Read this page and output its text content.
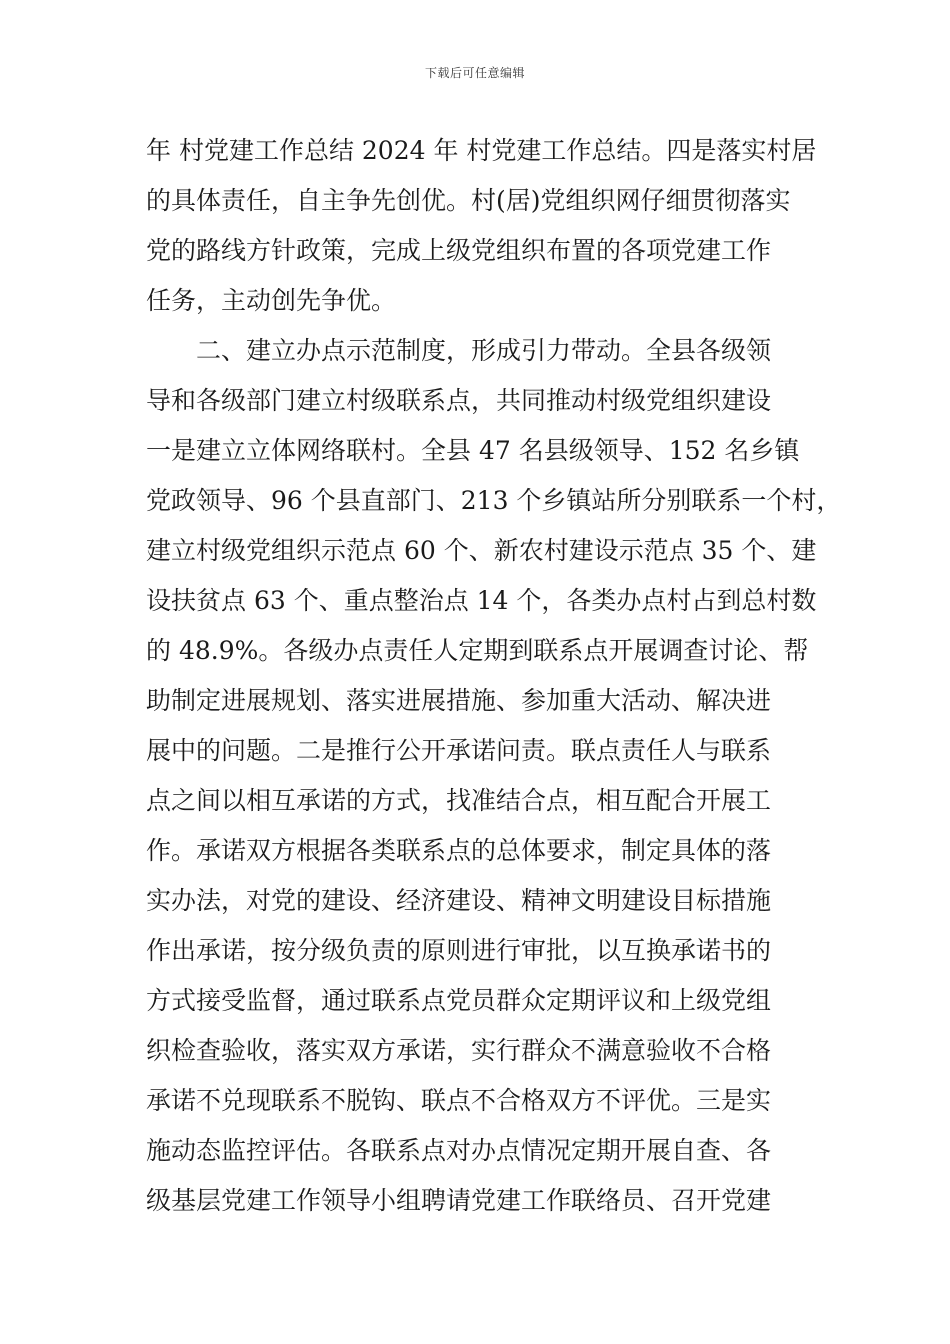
下载后可任意编辑
年 村党建工作总结 2024 年 村党建工作总结。四是落实村居
的具体责任，自主争先创优。村(居)党组织网仔细贯彻落实
党的路线方针政策，完成上级党组织布置的各项党建工作
任务，主动创先争优。
二、建立办点示范制度，形成引力带动。全县各级领
导和各级部门建立村级联系点，共同推动村级党组织建设
一是建立立体网络联村。全县 47 名县级领导、152 名乡镇
党政领导、96 个县直部门、213 个乡镇站所分别联系一个村，
建立村级党组织示范点 60 个、新农村建设示范点 35 个、建
设扶贫点 63 个、重点整治点 14 个，各类办点村占到总村数
的 48.9%。各级办点责任人定期到联系点开展调查讨论、帮
助制定进展规划、落实进展措施、参加重大活动、解决进
展中的问题。二是推行公开承诺问责。联点责任人与联系
点之间以相互承诺的方式，找准结合点，相互配合开展工
作。承诺双方根据各类联系点的总体要求，制定具体的落
实办法，对党的建设、经济建设、精神文明建设目标措施
作出承诺，按分级负责的原则进行审批，以互换承诺书的
方式接受监督，通过联系点党员群众定期评议和上级党组
织检查验收，落实双方承诺，实行群众不满意验收不合格
承诺不兑现联系不脱钩、联点不合格双方不评优。三是实
施动态监控评估。各联系点对办点情况定期开展自查、各
级基层党建工作领导小组聘请党建工作联络员、召开党建
